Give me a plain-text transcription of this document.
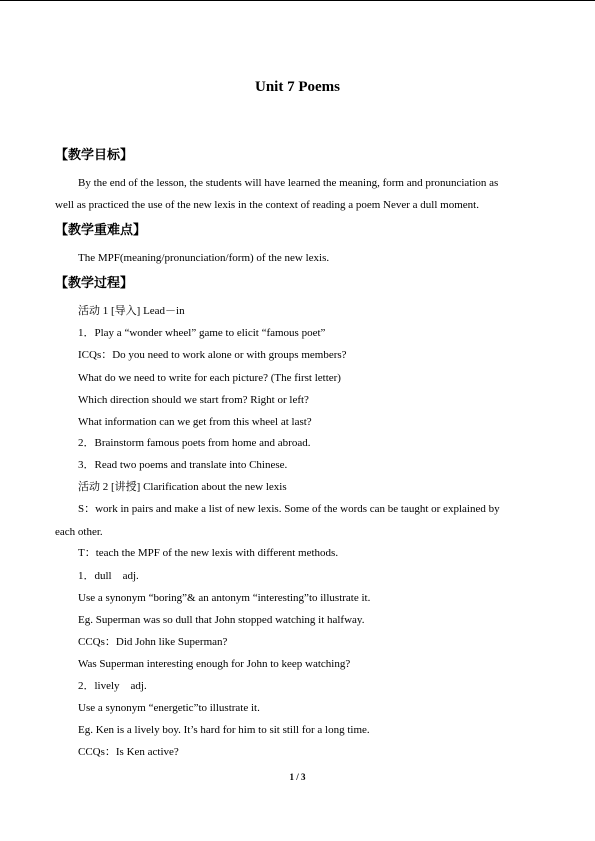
Unit 7 Poems
【教学目标】
By the end of the lesson, the students will have learned the meaning, form and pronunciation as
well as practiced the use of the new lexis in the context of reading a poem Never a dull moment.
【教学重难点】
The MPF(meaning/pronunciation/form) of the new lexis.
【教学过程】
活动 1 [导入] Lead－in
1．Play a “wonder wheel” game to elicit “famous poet”
ICQs：Do you need to work alone or with groups members?
What do we need to write for each picture? (The first letter)
Which direction should we start from? Right or left?
What information can we get from this wheel at last?
2．Brainstorm famous poets from home and abroad.
3．Read two poems and translate into Chinese.
活动 2 [讲授] Clarification about the new lexis
S：work in pairs and make a list of new lexis. Some of the words can be taught or explained by
each other.
T：teach the MPF of the new lexis with different methods.
1．dull　adj.
Use a synonym “boring”& an antonym “interesting”to illustrate it.
Eg. Superman was so dull that John stopped watching it halfway.
CCQs：Did John like Superman?
Was Superman interesting enough for John to keep watching?
2．lively　adj.
Use a synonym “energetic”to illustrate it.
Eg. Ken is a lively boy. It’s hard for him to sit still for a long time.
CCQs：Is Ken active?
1 / 3
